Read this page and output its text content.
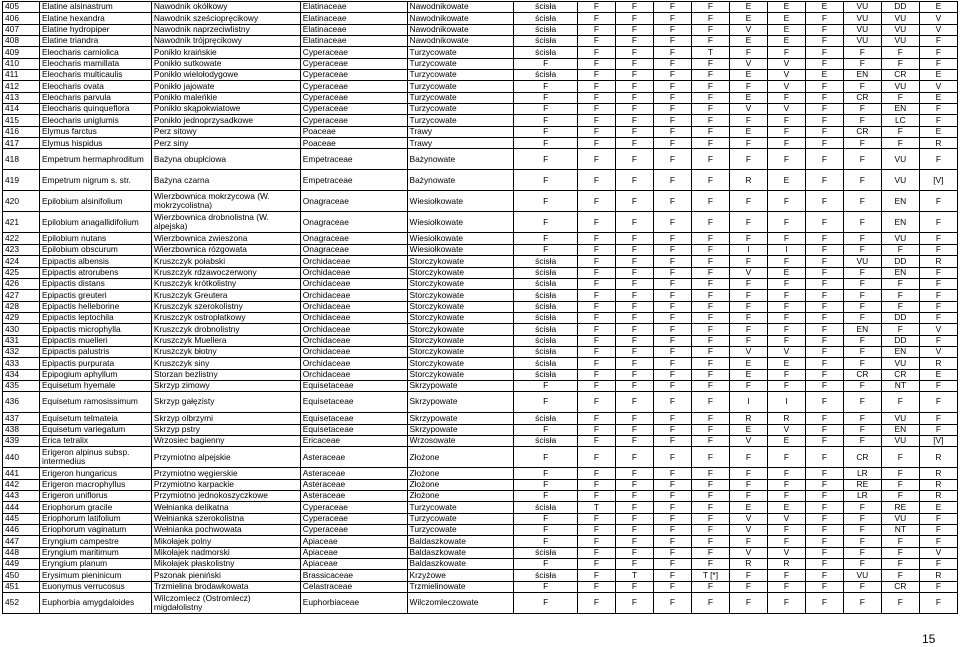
405	Elatine alsinastrum	Nawodnik okółkowy	Elatinaceae	Nawodnikowate	ścisła	F	F	F	F	E	E	E	VU	DD	E
406	Elatine hexandra	Nawodnik sześciopręcikowy	Elatinaceae	Nawodnikowate	ścisła	F	F	F	F	E	E	F	VU	VU	V
407	Elatine hydropiper	Nawodnik naprzeciwlistny	Elatinaceae	Nawodnikowate	ścisła	F	F	F	F	V	E	F	VU	VU	V
408	Elatine triandra	Nawodnik trójpręcikowy	Elatinaceae	Nawodnikowate	ścisła	F	F	F	F	E	E	F	VU	VU	F
409	Eleocharis carniolica	Ponikło kraińskie	Cyperaceae	Turzycowate	ścisła	F	F	F	T	F	F	F	F	F	F
410	Eleocharis mamillata	Ponikło sutkowate	Cyperaceae	Turzycowate	F	F	F	F	F	V	V	F	F	F	F
411	Eleocharis multicaulis	Ponikło wielołodygowe	Cyperaceae	Turzycowate	ścisła	F	F	F	F	E	V	E	EN	CR	E
412	Eleocharis ovata	Ponikło jajowate	Cyperaceae	Turzycowate	F	F	F	F	F	F	V	F	F	VU	V
413	Eleocharis parvula	Ponikło maleńkie	Cyperaceae	Turzycowate	F	F	F	F	F	E	F	F	CR	F	E
414	Eleocharis quinqueflora	Ponikło skąpokwiatowe	Cyperaceae	Turzycowate	F	F	F	F	F	V	V	F	F	EN	F
415	Eleocharis uniglumis	Ponikło jednoprzysadkowe	Cyperaceae	Turzycowate	F	F	F	F	F	F	F	F	F	LC	F
416	Elymus farctus	Perz sitowy	Poaceae	Trawy	F	F	F	F	F	E	F	F	CR	F	E
417	Elymus hispidus	Perz siny	Poaceae	Trawy	F	F	F	F	F	F	F	F	F	F	R
418	Empetrum hermaphroditum	Bażyna obupłciowa	Empetraceae	Bażynowate	F	F	F	F	F	F	F	F	F	VU	F
419	Empetrum nigrum s. str.	Bażyna czarna	Empetraceae	Bażynowate	F	F	F	F	F	R	E	F	F	VU	[V]
420	Epilobium alsinifolium	Wierzbownica mokrzycowa (W. mokrzycolistna)	Onagraceae	Wiesiołkowate	F	F	F	F	F	F	F	F	F	EN	F
421	Epilobium anagallidifolium	Wierzbownica drobnolistna (W. alpejska)	Onagraceae	Wiesiołkowate	F	F	F	F	F	F	F	F	F	EN	F
422	Epilobium nutans	Wierzbownica zwieszona	Onagraceae	Wiesiołkowate	F	F	F	F	F	F	F	F	F	VU	F
423	Epilobium obscurum	Wierzbownica rózgowata	Onagraceae	Wiesiołkowate	F	F	F	F	F	I	I	F	F	F	F
424	Epipactis albensis	Kruszczyk połabski	Orchidaceae	Storczykowate	ścisła	F	F	F	F	F	F	F	VU	DD	R
425	Epipactis atrorubens	Kruszczyk rdzawoczerwony	Orchidaceae	Storczykowate	ścisła	F	F	F	F	V	E	F	F	EN	F
426	Epipactis distans	Kruszczyk krótkolistny	Orchidaceae	Storczykowate	ścisła	F	F	F	F	F	F	F	F	F	F
427	Epipactis greuteri	Kruszczyk Greutera	Orchidaceae	Storczykowate	ścisła	F	F	F	F	F	F	F	F	F	F
428	Epipactis helleborine	Kruszczyk szerokolistny	Orchidaceae	Storczykowate	ścisła	F	F	F	F	F	F	F	F	F	F
429	Epipactis leptochila	Kruszczyk ostropłatkowy	Orchidaceae	Storczykowate	ścisła	F	F	F	F	F	F	F	F	DD	F
430	Epipactis microphylla	Kruszczyk drobnolistny	Orchidaceae	Storczykowate	ścisła	F	F	F	F	F	F	F	EN	F	V
431	Epipactis muelleri	Kruszczyk Muellera	Orchidaceae	Storczykowate	ścisła	F	F	F	F	F	F	F	F	DD	F
432	Epipactis palustris	Kruszczyk błotny	Orchidaceae	Storczykowate	ścisła	F	F	F	F	V	V	F	F	EN	V
433	Epipactis purpurata	Kruszczyk siny	Orchidaceae	Storczykowate	ścisła	F	F	F	F	E	E	F	F	VU	R
434	Epipogium aphyllum	Storzan bezlistny	Orchidaceae	Storczykowate	ścisła	F	F	F	F	E	F	F	CR	CR	E
435	Equisetum hyemale	Skrzyp zimowy	Equisetaceae	Skrzypowate	F	F	F	F	F	F	F	F	F	NT	F
436	Equisetum ramosissimum	Skrzyp gałęzisty	Equisetaceae	Skrzypowate	F	F	F	F	F	I	I	F	F	F	F
437	Equisetum telmateia	Skrzyp olbrzymi	Equisetaceae	Skrzypowate	ścisła	F	F	F	F	R	R	F	F	VU	F
438	Equisetum variegatum	Skrzyp pstry	Equisetaceae	Skrzypowate	F	F	F	F	F	E	V	F	F	EN	F
439	Erica tetralix	Wrzosiec bagienny	Ericaceae	Wrzosowate	ścisła	F	F	F	F	V	E	F	F	VU	[V]
440	Erigeron alpinus subsp. intermedius	Przymiotno alpejskie	Asteraceae	Złożone	F	F	F	F	F	F	F	F	CR	F	R
441	Erigeron hungaricus	Przymiotno węgierskie	Asteraceae	Złożone	F	F	F	F	F	F	F	F	LR	F	R
442	Erigeron macrophyllus	Przymiotno karpackie	Asteraceae	Złożone	F	F	F	F	F	F	F	F	RE	F	R
443	Erigeron uniflorus	Przymiotno jednokoszyczkowe	Asteraceae	Złożone	F	F	F	F	F	F	F	F	LR	F	R
444	Eriophorum gracile	Wełnianka delikatna	Cyperaceae	Turzycowate	ścisła	T	F	F	F	E	E	F	F	RE	E
445	Eriophorum latifolium	Wełnianka szerokolistna	Cyperaceae	Turzycowate	F	F	F	F	F	V	V	F	F	VU	F
446	Eriophorum vaginatum	Wełnianka pochwowata	Cyperaceae	Turzycowate	F	F	F	F	F	V	F	F	F	NT	F
447	Eryngium campestre	Mikołajek polny	Apiaceae	Baldaszkowate	F	F	F	F	F	F	F	F	F	F	F
448	Eryngium maritimum	Mikołajek nadmorski	Apiaceae	Baldaszkowate	ścisła	F	F	F	F	V	V	F	F	F	V
449	Eryngium planum	Mikołajek płaskolistny	Apiaceae	Baldaszkowate	F	F	F	F	F	R	R	F	F	F	F
450	Erysimum pieninicum	Pszonak pieniński	Brassicaceae	Krzyżowe	ścisła	F	T	F	T [*]	F	F	F	VU	F	R
451	Euonymus verrucosus	Trzmielina brodawkowata	Celastraceae	Trzmielinowate	F	F	F	F	F	F	F	F	F	CR	F
452	Euphorbia amygdaloides	Wilczomlecz (Ostromlecz) migdałolistny	Euphorbiaceae	Wilczomleczowate	F	F	F	F	F	F	F	F	F	F	F
15
